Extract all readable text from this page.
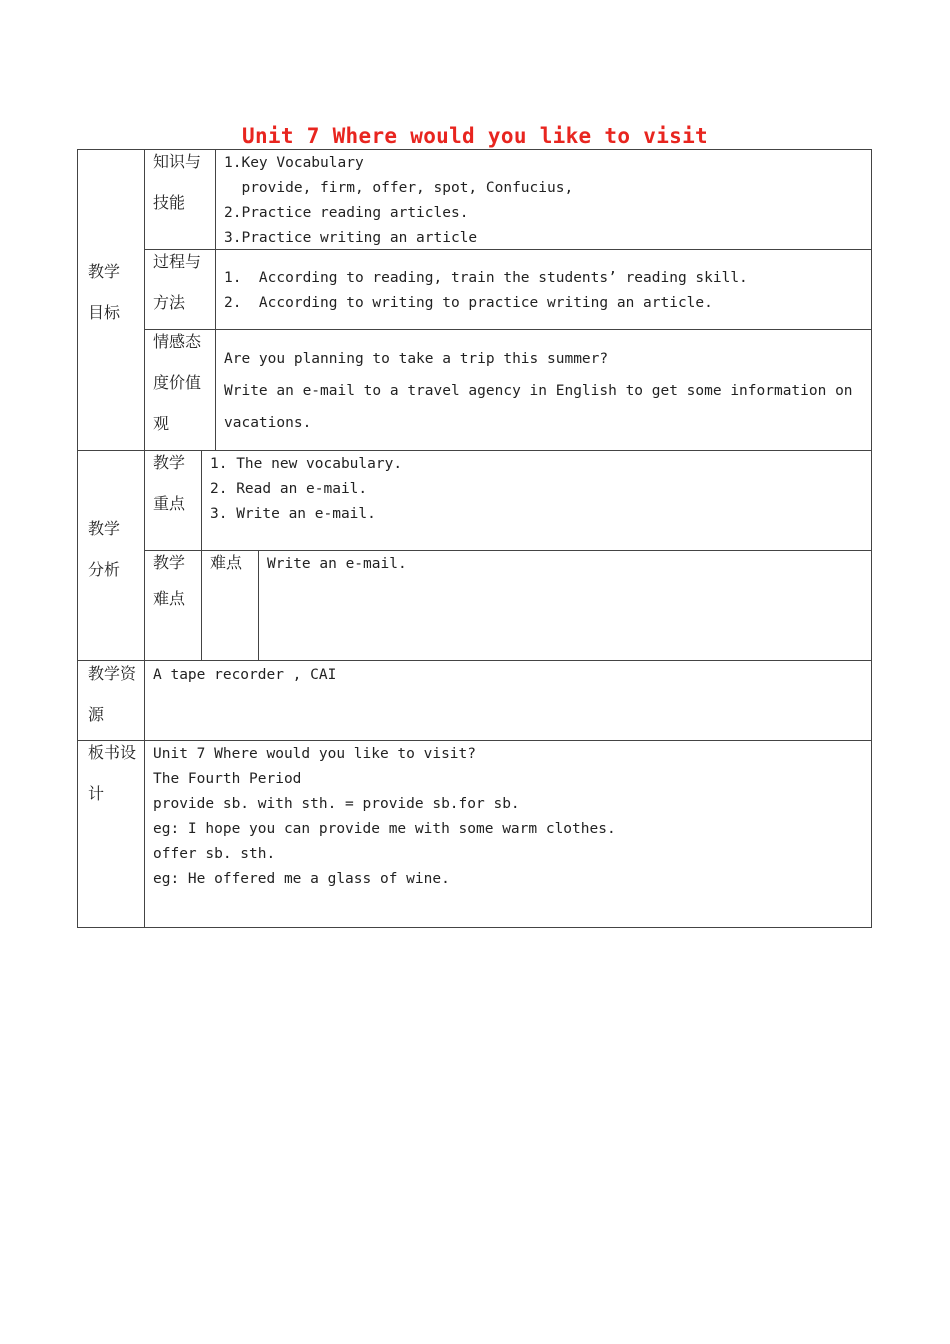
Unit 7 Where would you like to visit
教学
目标
知识与
技能
1.Key Vocabulary
provide, firm, offer, spot, Confucius,
2.Practice reading articles.
3.Practice writing an article
过程与
方法
1.  According to reading, train the students’ reading skill.
2.  According to writing to practice writing an article.
情感态
度价值
观
Are you planning to take a trip this summer?
Write an e-mail to a travel agency in English to get some information on
vacations.
教学
分析
教学
重点
1. The new vocabulary.
2. Read an e-mail.
3. Write an e-mail.
教学
难点
难点 Write an e-mail.
教学资
源
A tape recorder , CAI
板书设
计
Unit 7 Where would you like to visit?
The Fourth Period
provide sb. with sth. = provide sb.for sb.
eg: I hope you can provide me with some warm clothes.
offer sb. sth.
eg: He offered me a glass of wine.
